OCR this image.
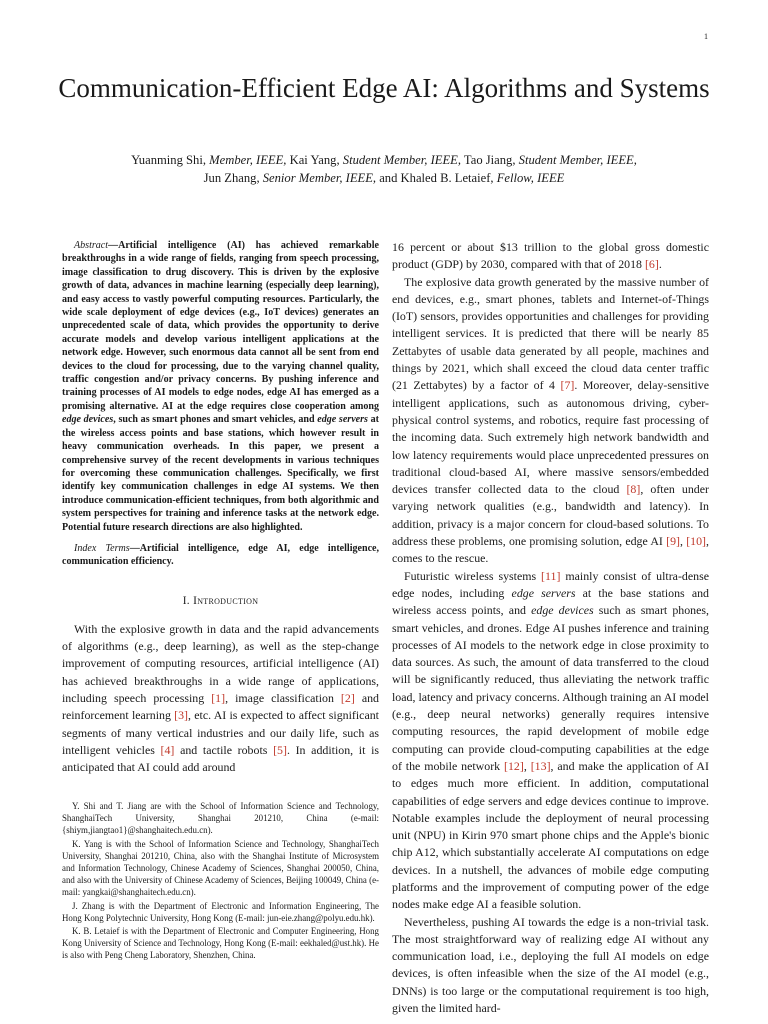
1
Communication-Efficient Edge AI: Algorithms and Systems
Yuanming Shi, Member, IEEE, Kai Yang, Student Member, IEEE, Tao Jiang, Student Member, IEEE,
Jun Zhang, Senior Member, IEEE, and Khaled B. Letaief, Fellow, IEEE

Abstract—Artificial intelligence (AI) has achieved remarkable breakthroughs in a wide range of fields, ranging from speech processing, image classification to drug discovery. This is driven by the explosive growth of data, advances in machine learning (especially deep learning), and easy access to vastly powerful computing resources. Particularly, the wide scale deployment of edge devices (e.g., IoT devices) generates an unprecedented scale of data, which provides the opportunity to derive accurate models and develop various intelligent applications at the network edge. However, such enormous data cannot all be sent from end devices to the cloud for processing, due to the varying channel quality, traffic congestion and/or privacy concerns. By pushing inference and training processes of AI models to edge nodes, edge AI has emerged as a promising alternative. AI at the edge requires close cooperation among edge devices, such as smart phones and smart vehicles, and edge servers at the wireless access points and base stations, which however result in heavy communication overheads. In this paper, we present a comprehensive survey of the recent developments in various techniques for overcoming these communication challenges. Specifically, we first identify key communication challenges in edge AI systems. We then introduce communication-efficient techniques, from both algorithmic and system perspectives for training and inference tasks at the network edge. Potential future research directions are also highlighted.

Index Terms—Artificial intelligence, edge AI, edge intelligence, communication efficiency.

I. Introduction

With the explosive growth in data and the rapid advancements of algorithms (e.g., deep learning), as well as the step-change improvement of computing resources, artificial intelligence (AI) has achieved breakthroughs in a wide range of applications, including speech processing [1], image classification [2] and reinforcement learning [3], etc. AI is expected to affect significant segments of many vertical industries and our daily life, such as intelligent vehicles [4] and tactile robots [5]. In addition, it is anticipated that AI could add around

Y. Shi and T. Jiang are with the School of Information Science and Technology, ShanghaiTech University, Shanghai 201210, China (e-mail: {shiym,jiangtao1}@shanghaitech.edu.cn).

K. Yang is with the School of Information Science and Technology, ShanghaiTech University, Shanghai 201210, China, also with the Shanghai Institute of Microsystem and Information Technology, Chinese Academy of Sciences, Shanghai 200050, China, and also with the University of Chinese Academy of Sciences, Beijing 100049, China (e-mail: yangkai@shanghaitech.edu.cn).

J. Zhang is with the Department of Electronic and Information Engineering, The Hong Kong Polytechnic University, Hong Kong (E-mail: jun-eie.zhang@polyu.edu.hk).

K. B. Letaief is with the Department of Electronic and Computer Engineering, Hong Kong University of Science and Technology, Hong Kong (E-mail: eekhaled@ust.hk). He is also with Peng Cheng Laboratory, Shenzhen, China.

16 percent or about $13 trillion to the global gross domestic product (GDP) by 2030, compared with that of 2018 [6].

The explosive data growth generated by the massive number of end devices, e.g., smart phones, tablets and Internet-of-Things (IoT) sensors, provides opportunities and challenges for providing intelligent services. It is predicted that there will be nearly 85 Zettabytes of usable data generated by all people, machines and things by 2021, which shall exceed the cloud data center traffic (21 Zettabytes) by a factor of 4 [7]. Moreover, delay-sensitive intelligent applications, such as autonomous driving, cyber-physical control systems, and robotics, require fast processing of the incoming data. Such extremely high network bandwidth and low latency requirements would place unprecedented pressures on traditional cloud-based AI, where massive sensors/embedded devices transfer collected data to the cloud [8], often under varying network qualities (e.g., bandwidth and latency). In addition, privacy is a major concern for cloud-based solutions. To address these problems, one promising solution, edge AI [9], [10], comes to the rescue.

Futuristic wireless systems [11] mainly consist of ultra-dense edge nodes, including edge servers at the base stations and wireless access points, and edge devices such as smart phones, smart vehicles, and drones. Edge AI pushes inference and training processes of AI models to the network edge in close proximity to data sources. As such, the amount of data transferred to the cloud will be significantly reduced, thus alleviating the network traffic load, latency and privacy concerns. Although training an AI model (e.g., deep neural networks) generally requires intensive computing resources, the rapid development of mobile edge computing can provide cloud-computing capabilities at the edge of the mobile network [12], [13], and make the application of AI to edges much more efficient. In addition, computational capabilities of edge servers and edge devices continue to improve. Notable examples include the deployment of neural processing unit (NPU) in Kirin 970 smart phone chips and the Apple's bionic chip A12, which substantially accelerate AI computations on edge devices. In a nutshell, the advances of mobile edge computing platforms and the improvement of computing power of the edge nodes make edge AI a feasible solution.

Nevertheless, pushing AI towards the edge is a non-trivial task. The most straightforward way of realizing edge AI without any communication load, i.e., deploying the full AI models on edge devices, is often infeasible when the size of the AI model (e.g., DNNs) is too large or the computational requirement is too high, given the limited hard-
